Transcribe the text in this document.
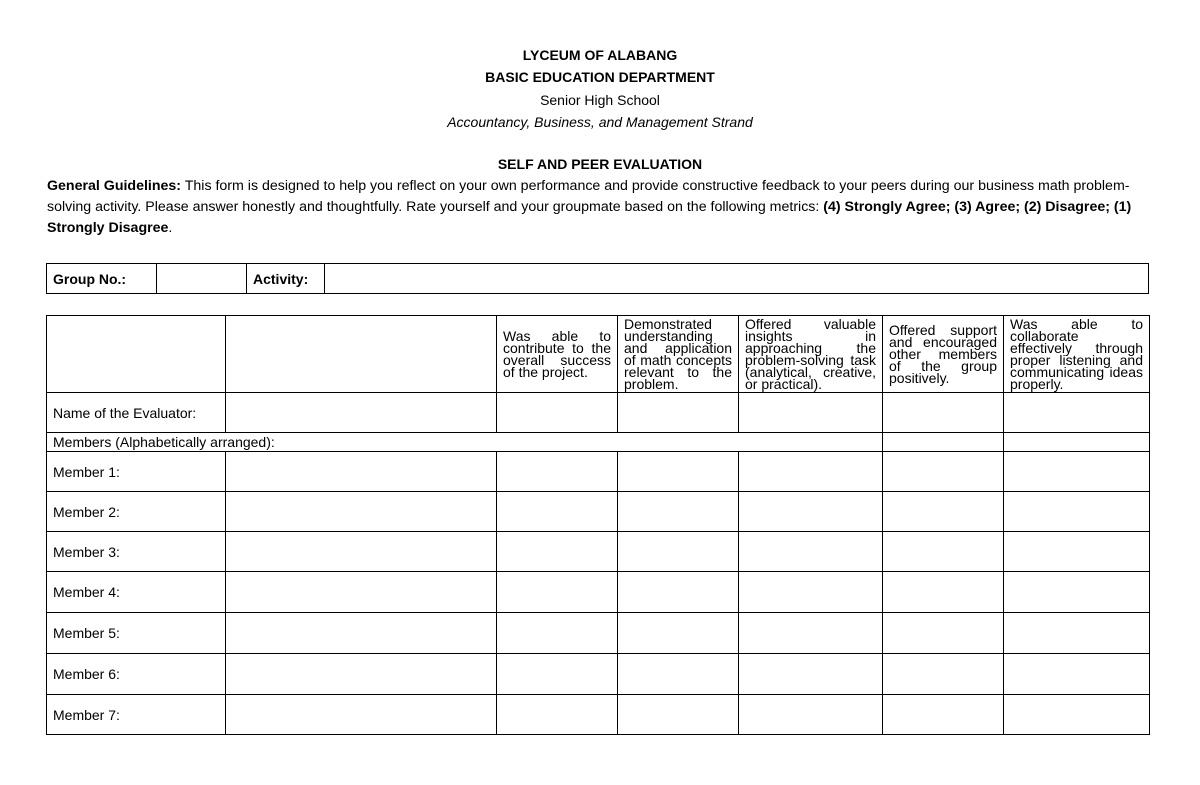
LYCEUM OF ALABANG
BASIC EDUCATION DEPARTMENT
Senior High School
Accountancy, Business, and Management Strand
SELF AND PEER EVALUATION
General Guidelines: This form is designed to help you reflect on your own performance and provide constructive feedback to your peers during our business math problem-solving activity. Please answer honestly and thoughtfully. Rate yourself and your groupmate based on the following metrics: (4) Strongly Agree; (3) Agree; (2) Disagree; (1) Strongly Disagree.
Group No.:		Activity:	
		Was able to contribute to the overall success of the project.	Demonstrated understanding and application of math concepts relevant to the problem.	Offered valuable insights in approaching the problem-solving task (analytical, creative, or practical).	Offered support and encouraged other members of the group positively.	Was able to collaborate effectively through proper listening and communicating ideas properly.
Name of the Evaluator:						
Members (Alphabetically arranged):						
Member 1:						
Member 2:						
Member 3:						
Member 4:						
Member 5:						
Member 6:						
Member 7:						
